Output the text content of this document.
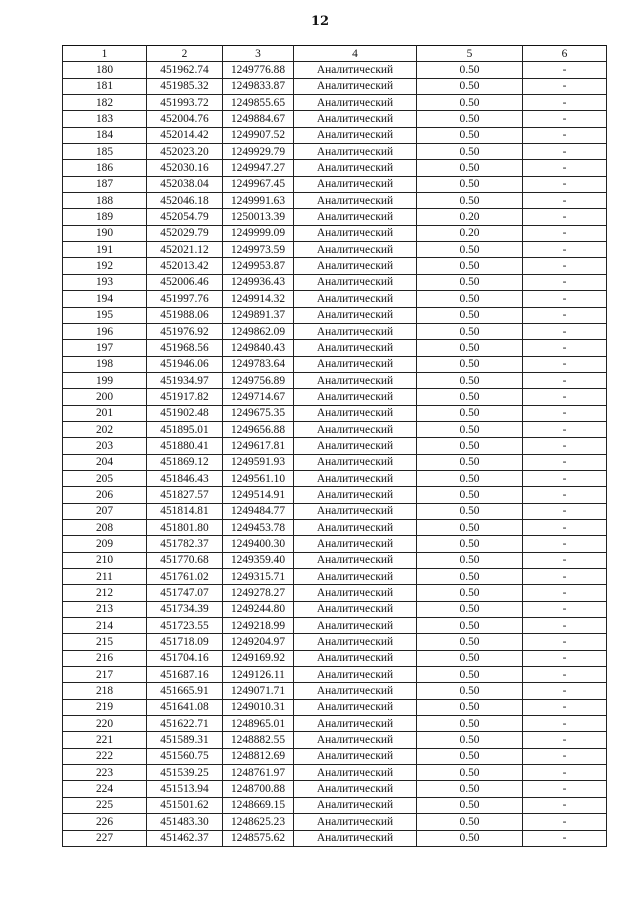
12
1	2	3	4	5	6
180	451962.74	1249776.88	Аналитический	0.50	-
181	451985.32	1249833.87	Аналитический	0.50	-
182	451993.72	1249855.65	Аналитический	0.50	-
183	452004.76	1249884.67	Аналитический	0.50	-
184	452014.42	1249907.52	Аналитический	0.50	-
185	452023.20	1249929.79	Аналитический	0.50	-
186	452030.16	1249947.27	Аналитический	0.50	-
187	452038.04	1249967.45	Аналитический	0.50	-
188	452046.18	1249991.63	Аналитический	0.50	-
189	452054.79	1250013.39	Аналитический	0.20	-
190	452029.79	1249999.09	Аналитический	0.20	-
191	452021.12	1249973.59	Аналитический	0.50	-
192	452013.42	1249953.87	Аналитический	0.50	-
193	452006.46	1249936.43	Аналитический	0.50	-
194	451997.76	1249914.32	Аналитический	0.50	-
195	451988.06	1249891.37	Аналитический	0.50	-
196	451976.92	1249862.09	Аналитический	0.50	-
197	451968.56	1249840.43	Аналитический	0.50	-
198	451946.06	1249783.64	Аналитический	0.50	-
199	451934.97	1249756.89	Аналитический	0.50	-
200	451917.82	1249714.67	Аналитический	0.50	-
201	451902.48	1249675.35	Аналитический	0.50	-
202	451895.01	1249656.88	Аналитический	0.50	-
203	451880.41	1249617.81	Аналитический	0.50	-
204	451869.12	1249591.93	Аналитический	0.50	-
205	451846.43	1249561.10	Аналитический	0.50	-
206	451827.57	1249514.91	Аналитический	0.50	-
207	451814.81	1249484.77	Аналитический	0.50	-
208	451801.80	1249453.78	Аналитический	0.50	-
209	451782.37	1249400.30	Аналитический	0.50	-
210	451770.68	1249359.40	Аналитический	0.50	-
211	451761.02	1249315.71	Аналитический	0.50	-
212	451747.07	1249278.27	Аналитический	0.50	-
213	451734.39	1249244.80	Аналитический	0.50	-
214	451723.55	1249218.99	Аналитический	0.50	-
215	451718.09	1249204.97	Аналитический	0.50	-
216	451704.16	1249169.92	Аналитический	0.50	-
217	451687.16	1249126.11	Аналитический	0.50	-
218	451665.91	1249071.71	Аналитический	0.50	-
219	451641.08	1249010.31	Аналитический	0.50	-
220	451622.71	1248965.01	Аналитический	0.50	-
221	451589.31	1248882.55	Аналитический	0.50	-
222	451560.75	1248812.69	Аналитический	0.50	-
223	451539.25	1248761.97	Аналитический	0.50	-
224	451513.94	1248700.88	Аналитический	0.50	-
225	451501.62	1248669.15	Аналитический	0.50	-
226	451483.30	1248625.23	Аналитический	0.50	-
227	451462.37	1248575.62	Аналитический	0.50	-
